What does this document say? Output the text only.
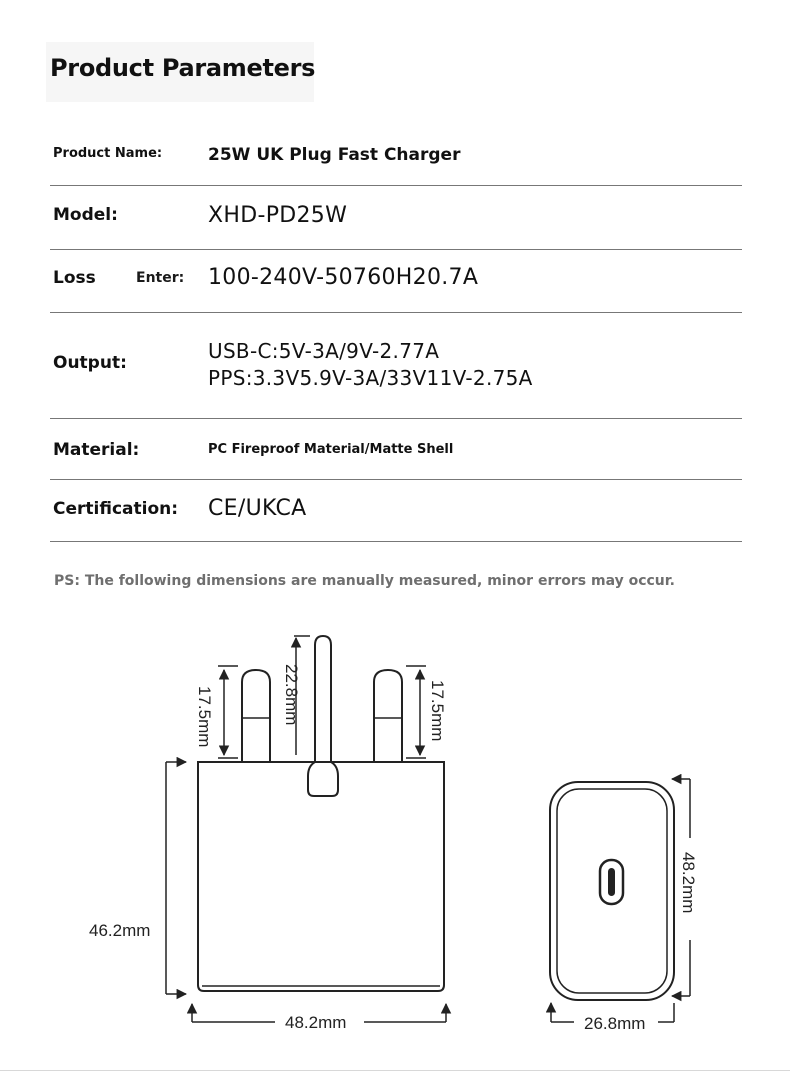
Product Parameters
Product Name:	25W UK Plug Fast Charger
Model:	XHD-PD25W
Loss	Enter: 100-240V-50760H20.7A
Output:	USB-C:5V-3A/9V-2.77A
PPS:3.3V5.9V-3A/33V11V-2.75A
Material:	PC Fireproof Material/Matte Shell
Certification: CE/UKCA
PS: The following dimensions are manually measured, minor errors may occur.
17.5mm	22.8mm	17.5mm
46.2mm
48.2mm
48.2mm
26.8mm
